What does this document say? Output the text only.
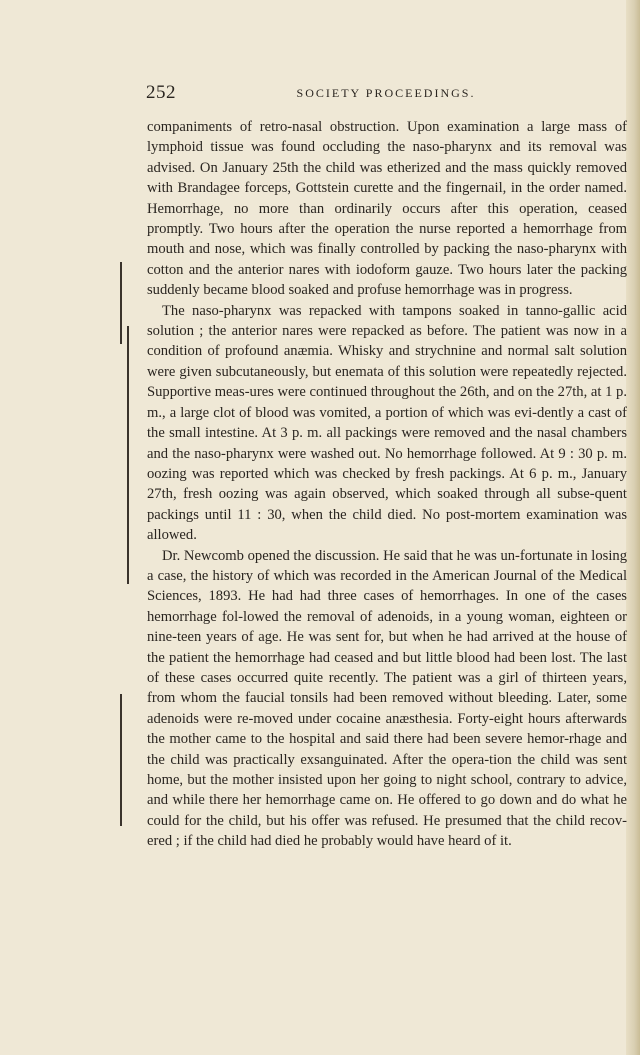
252	SOCIETY PROCEEDINGS.

companiments of retro-nasal obstruction. Upon examination a large mass of lymphoid tissue was found occluding the naso-pharynx and its removal was advised. On January 25th the child was etherized and the mass quickly removed with Brandagee forceps, Gottstein curette and the fingernail, in the order named. Hemorrhage, no more than ordinarily occurs after this operation, ceased promptly. Two hours after the operation the nurse reported a hemorrhage from mouth and nose, which was finally controlled by packing the naso-pharynx with cotton and the anterior nares with iodoform gauze. Two hours later the packing suddenly became blood soaked and profuse hemorrhage was in progress.

The naso-pharynx was repacked with tampons soaked in tanno-gallic acid solution ; the anterior nares were repacked as before. The patient was now in a condition of profound anæmia. Whisky and strychnine and normal salt solution were given subcutaneously, but enemata of this solution were repeatedly rejected. Supportive meas-ures were continued throughout the 26th, and on the 27th, at 1 p. m., a large clot of blood was vomited, a portion of which was evi-dently a cast of the small intestine. At 3 p. m. all packings were removed and the nasal chambers and the naso-pharynx were washed out. No hemorrhage followed. At 9 : 30 p. m. oozing was reported which was checked by fresh packings. At 6 p. m., January 27th, fresh oozing was again observed, which soaked through all subse-quent packings until 11 : 30, when the child died. No post-mortem examination was allowed.

Dr. Newcomb opened the discussion. He said that he was un-fortunate in losing a case, the history of which was recorded in the American Journal of the Medical Sciences, 1893. He had had three cases of hemorrhages. In one of the cases hemorrhage fol-lowed the removal of adenoids, in a young woman, eighteen or nine-teen years of age. He was sent for, but when he had arrived at the house of the patient the hemorrhage had ceased and but little blood had been lost. The last of these cases occurred quite recently. The patient was a girl of thirteen years, from whom the faucial tonsils had been removed without bleeding. Later, some adenoids were re-moved under cocaine anæsthesia. Forty-eight hours afterwards the mother came to the hospital and said there had been severe hemor-rhage and the child was practically exsanguinated. After the opera-tion the child was sent home, but the mother insisted upon her going to night school, contrary to advice, and while there her hemorrhage came on. He offered to go down and do what he could for the child, but his offer was refused. He presumed that the child recov-ered ; if the child had died he probably would have heard of it.
